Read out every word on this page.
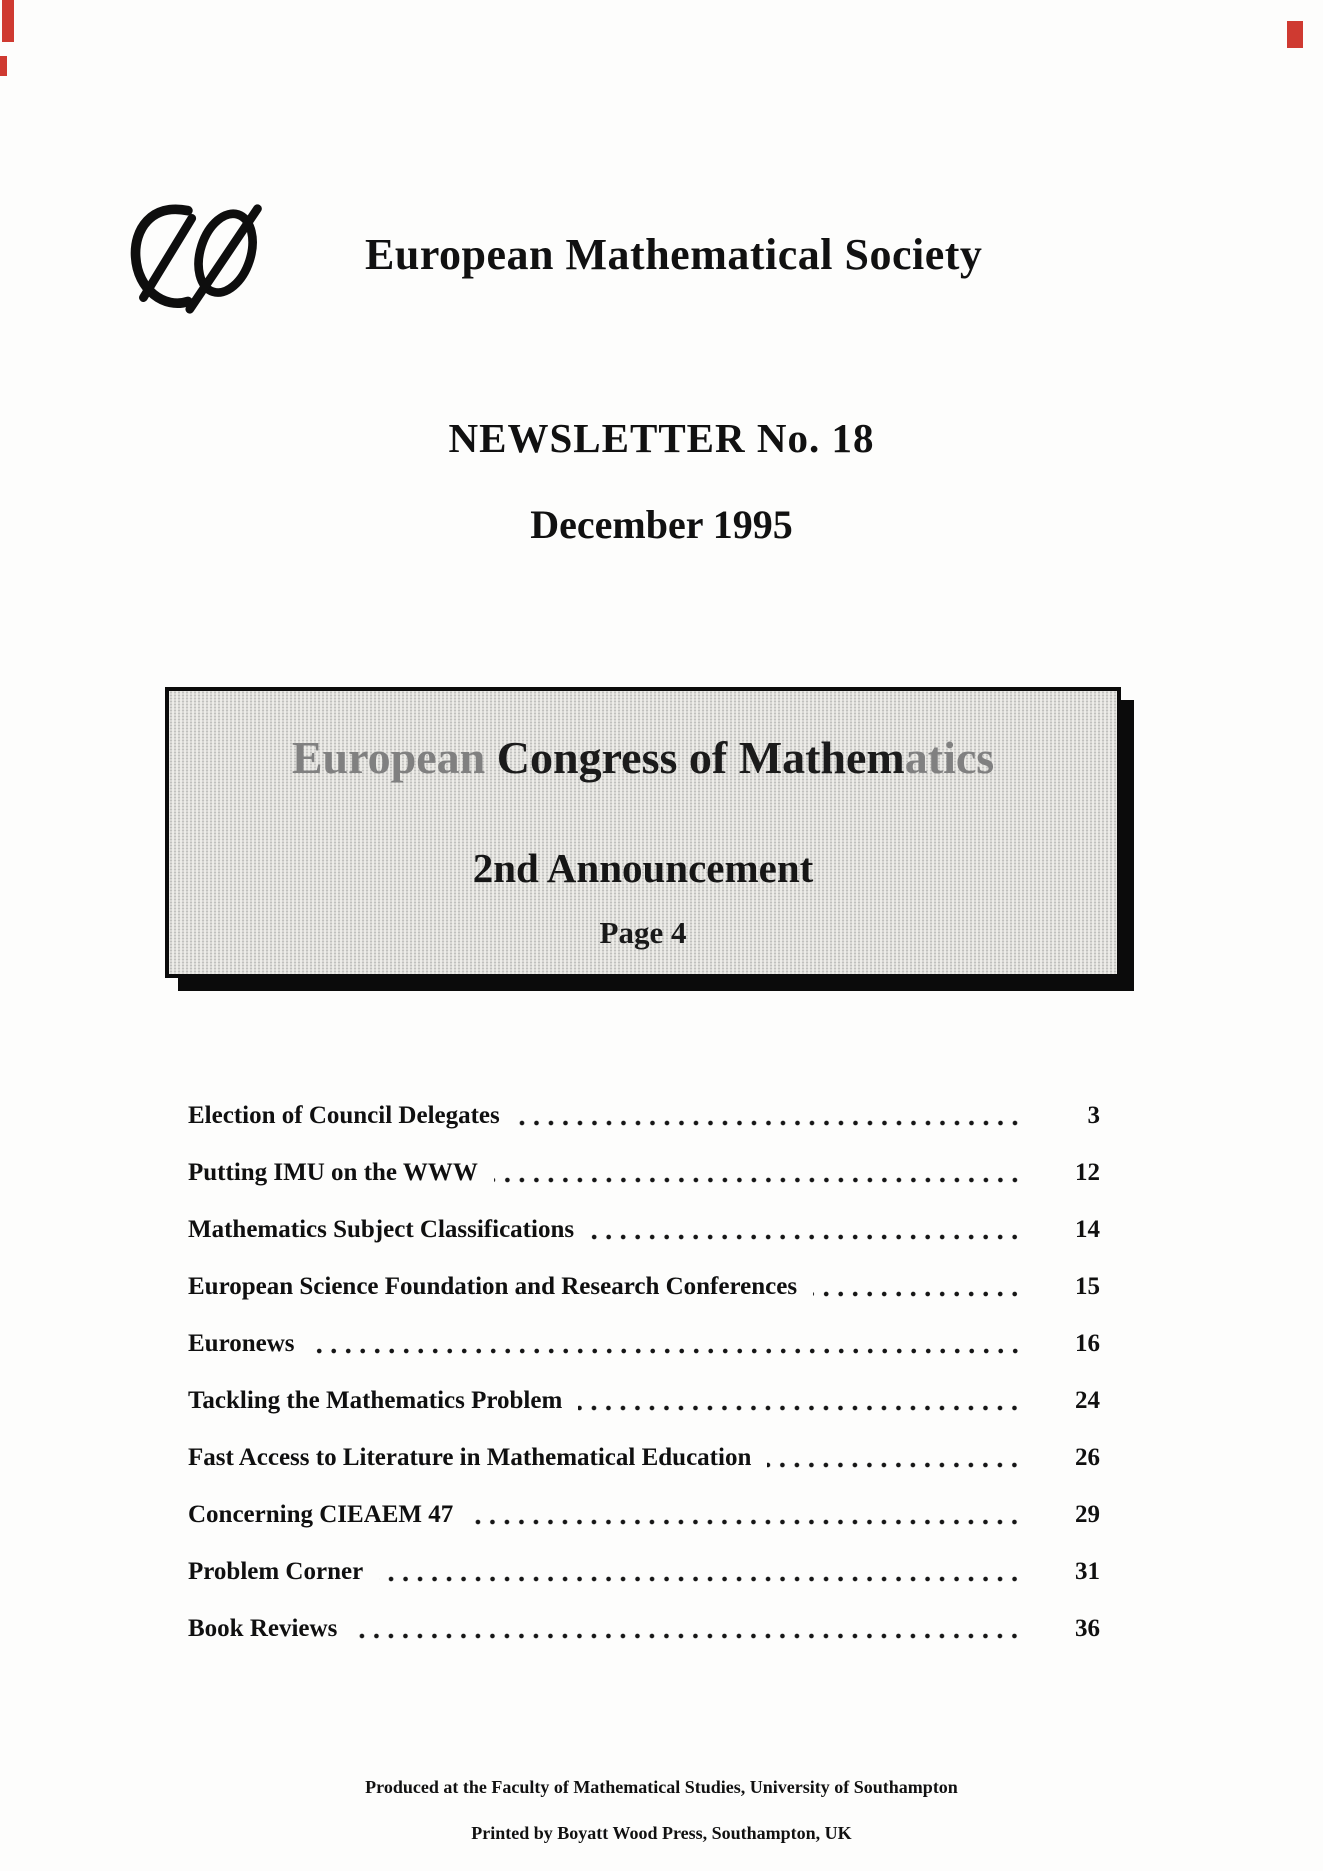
European Mathematical Society
NEWSLETTER No. 18
December 1995
European Congress of Mathematics
2nd Announcement
Page 4
Election of Council Delegates	3
Putting IMU on the WWW	12
Mathematics Subject Classifications	14
European Science Foundation and Research Conferences	15
Euronews	16
Tackling the Mathematics Problem	24
Fast Access to Literature in Mathematical Education	26
Concerning CIEAEM 47	29
Problem Corner	31
Book Reviews	36
Produced at the Faculty of Mathematical Studies, University of Southampton
Printed by Boyatt Wood Press, Southampton, UK
